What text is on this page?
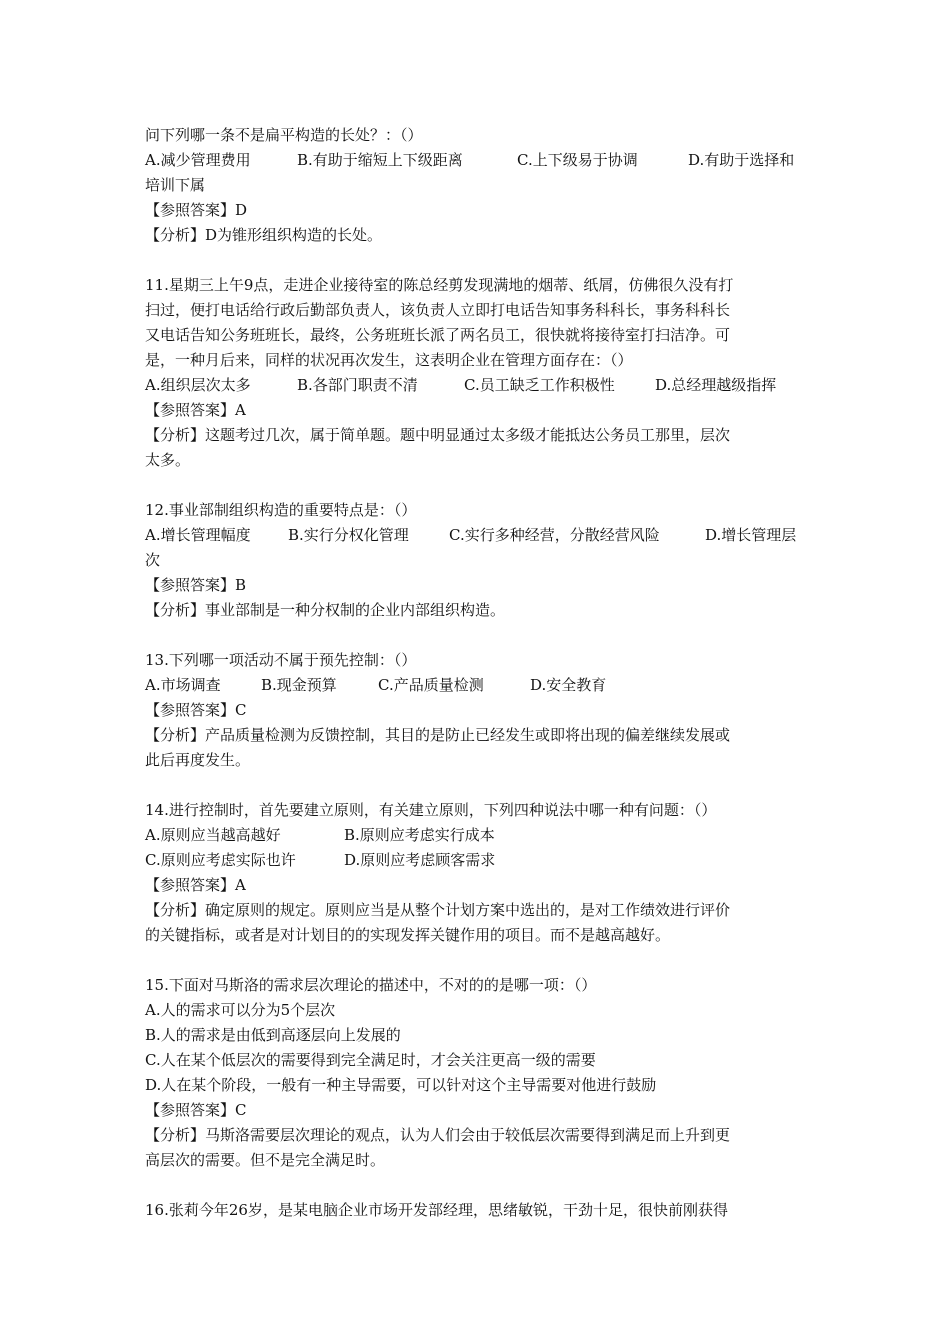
问下列哪一条不是扁平构造的长处？：（）
A.减少管理费用	B.有助于缩短上下级距离	C.上下级易于协调	D.有助于选择和
培训下属
【参照答案】D
【分析】D为锥形组织构造的长处。
11.星期三上午9点，走进企业接待室的陈总经剪发现满地的烟蒂、纸屑，仿佛很久没有打
扫过，便打电话给行政后勤部负责人，该负责人立即打电话告知事务科科长，事务科科长
又电话告知公务班班长，最终，公务班班长派了两名员工，很快就将接待室打扫洁净。可
是，一种月后来，同样的状况再次发生，这表明企业在管理方面存在：（）
A.组织层次太多	B.各部门职责不清	C.员工缺乏工作积极性	D.总经理越级指挥
【参照答案】A
【分析】这题考过几次，属于简单题。题中明显通过太多级才能抵达公务员工那里，层次
太多。
12.事业部制组织构造的重要特点是：（）
A.增长管理幅度 B.实行分权化管理	C.实行多种经营，分散经营风险	D.增长管理层
次
【参照答案】B
【分析】事业部制是一种分权制的企业内部组织构造。
13.下列哪一项活动不属于预先控制：（）
A.市场调查	B.现金预算	C.产品质量检测	D.安全教育
【参照答案】C
【分析】产品质量检测为反馈控制，其目的是防止已经发生或即将出现的偏差继续发展或
此后再度发生。
14.进行控制时，首先要建立原则，有关建立原则，下列四种说法中哪一种有问题：（）
A.原则应当越高越好	B.原则应考虑实行成本
C.原则应考虑实际也许	D.原则应考虑顾客需求
【参照答案】A
【分析】确定原则的规定。原则应当是从整个计划方案中选出的，是对工作绩效进行评价
的关键指标，或者是对计划目的的实现发挥关键作用的项目。而不是越高越好。
15.下面对马斯洛的需求层次理论的描述中，不对的的是哪一项：（）
A.人的需求可以分为5个层次
B.人的需求是由低到高逐层向上发展的
C.人在某个低层次的需要得到完全满足时，才会关注更高一级的需要
D.人在某个阶段，一般有一种主导需要，可以针对这个主导需要对他进行鼓励
【参照答案】C
【分析】马斯洛需要层次理论的观点，认为人们会由于较低层次需要得到满足而上升到更
高层次的需要。但不是完全满足时。
16.张莉今年26岁，是某电脑企业市场开发部经理，思绪敏锐，干劲十足，很快前刚获得
